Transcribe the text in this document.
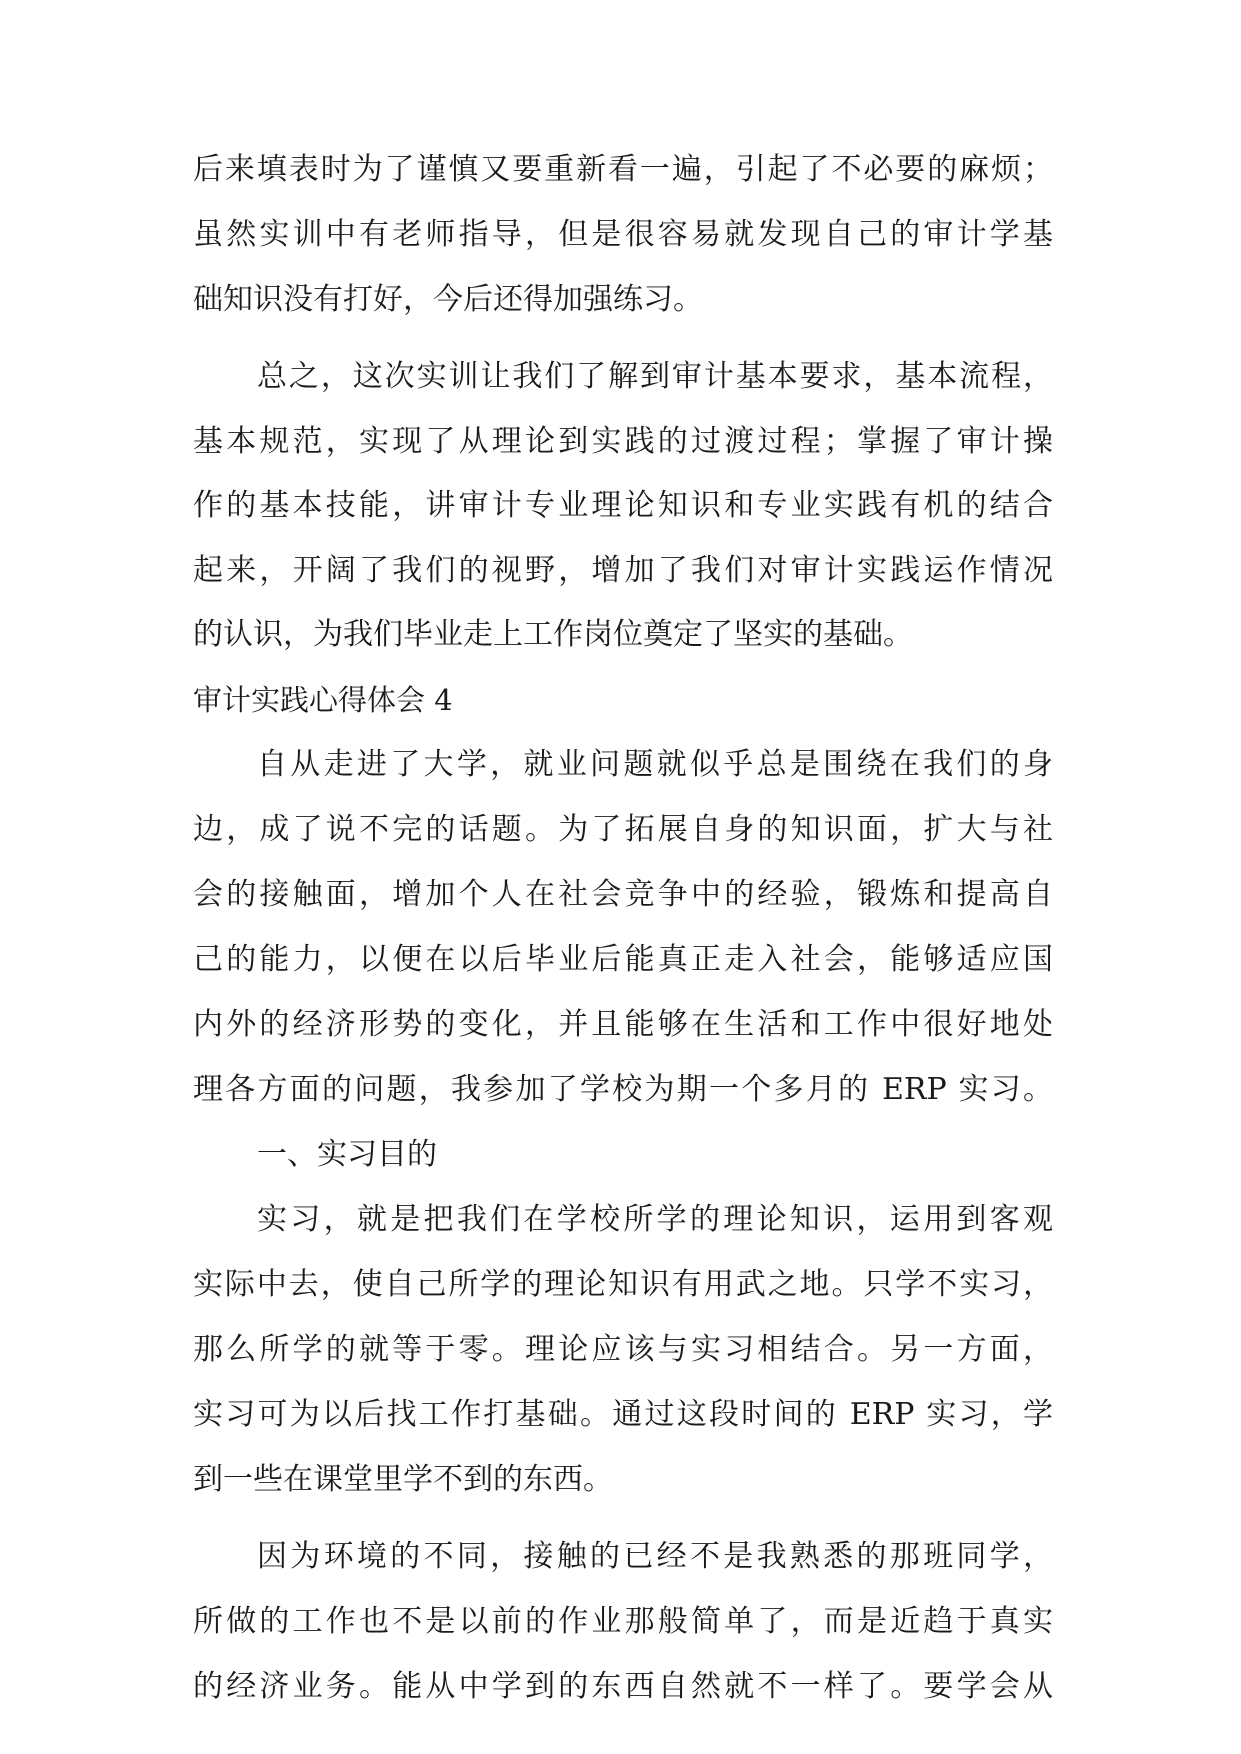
后来填表时为了谨慎又要重新看一遍，引起了不必要的麻烦；
虽然实训中有老师指导，但是很容易就发现自己的审计学基
础知识没有打好，今后还得加强练习。
总之，这次实训让我们了解到审计基本要求，基本流程，
基本规范，实现了从理论到实践的过渡过程；掌握了审计操
作的基本技能，讲审计专业理论知识和专业实践有机的结合
起来，开阔了我们的视野，增加了我们对审计实践运作情况
的认识，为我们毕业走上工作岗位奠定了坚实的基础。
审计实践心得体会 4
自从走进了大学，就业问题就似乎总是围绕在我们的身
边，成了说不完的话题。为了拓展自身的知识面，扩大与社
会的接触面，增加个人在社会竞争中的经验，锻炼和提高自
己的能力，以便在以后毕业后能真正走入社会，能够适应国
内外的经济形势的变化，并且能够在生活和工作中很好地处
理各方面的问题，我参加了学校为期一个多月的 ERP 实习。
一、实习目的
实习，就是把我们在学校所学的理论知识，运用到客观
实际中去，使自己所学的理论知识有用武之地。只学不实习，
那么所学的就等于零。理论应该与实习相结合。另一方面，
实习可为以后找工作打基础。通过这段时间的 ERP 实习，学
到一些在课堂里学不到的东西。
因为环境的不同，接触的已经不是我熟悉的那班同学，
所做的工作也不是以前的作业那般简单了，而是近趋于真实
的经济业务。能从中学到的东西自然就不一样了。要学会从
